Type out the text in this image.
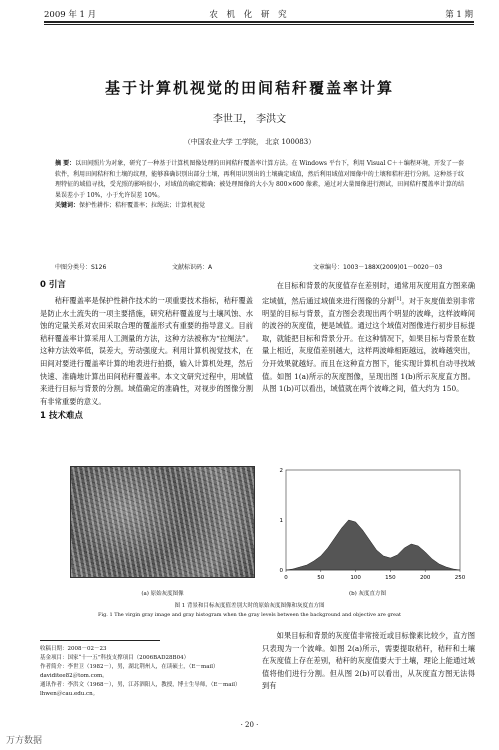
2009 年 1 月	农 机 化 研 究	第 1 期
基于计算机视觉的田间秸秆覆盖率计算
李世卫， 李洪文
（中国农业大学 工学院， 北京 100083）

摘 要：以田间照片为对象，研究了一种基于计算机图像处理的田间秸秆覆盖率计算方法。在 Windows 平台下，利用 Visual C＋＋编程环境，开发了一套软件，利用田间秸秆和土壤的纹理，能够准确识别出部分土壤，再利用识别出的土壤确定域值，然后利用域值对图像中的土壤和秸秆进行分割。这种基于纹理特征的域值寻找，受光照的影响很小，对域值的确定精确；被处理图像的大小为 800×600 像素，通过对大量图像进行测试，田间秸秆覆盖率计算的结果误差小于 10%，小于允许误差 10%。

关键词：保护性耕作；秸秆覆盖率；拉绳法；计算机视觉

中图分类号：S126	文献标识码：A	文章编号：1003－188X(2009)01－0020－03
0 引言

秸秆覆盖率是保护性耕作技术的一项重要技术指标，秸秆覆盖是防止水土流失的一项主要措施，研究秸秆覆盖度与土壤风蚀、水蚀的定量关系对农田采取合理的覆盖形式有重要的指导意义。目前秸秆覆盖率计算采用人工测量的方法，这种方法被称为“拉绳法”。这种方法效率低，误差大，劳动强度大。利用计算机视觉技术，在田间对要进行覆盖率计算的地表进行拍摄，输入计算机处理，然后快速、准确地计算出田间秸秆覆盖率。本文文研究过程中，用域值来进行目标与背景的分割。域值确定的准确性，对视步的图像分割有非常重要的意义。

1 技术难点

在目标和背景的灰度值存在差别时，通常用灰度用直方图来确定域值，然后通过域值来进行图像的分割[1]。对于灰度值差别非常明显的目标与背景，直方图会表现出两个明显的波峰，这样波峰间的波谷的灰度值，便是域值。通过这个域值对图像进行初步目标提取，就能把目标和背景分开。在这种情况下，如果目标与背景在数量上相近，灰度值差别越大，这样两波峰相距越远，波峰越突出，分开效果就越好。而且在这种直方图下，能实现计算机自动寻找域值。如图 1(a)所示的灰度图像，呈现出图 1(b)所示灰度直方图。从图 1(b)可以看出，域值就在两个波峰之间，值大约为 150。

0	50	100	150	200	250
0
1
2
(a) 原始灰度图像	(b) 灰度直方图
图 1 背景和目标灰度值差别大时的原始灰度图像和灰度直方图
Fig. 1 The virgin gray image and gray histogram when the gray levels between the background and objective are great
收稿日期：2008－02－23
基金项目：国家“十一五”科技支撑项目（2006BAD28B04）
作者简介：李世卫（1982－），男，湖北荆州人，在读硕士，（E－mail）daviditee82＠tom.com。
通讯作者：李洪文（1968－），男，江苏泗阳人，教授，博士生导师，（E－mail）lhwen＠cau.edu.cn。

如果目标和背景的灰度值非常接近或目标像素比较少，直方图只表现为一个波峰。如图 2(a)所示，需要提取秸秆，秸秆和土壤在灰度值上存在差别，秸秆的灰度值要大于土壤，理论上能通过域值将他们进行分割。但从图 2(b)可以看出，从灰度直方图无法得到有

· 20 ·
万方数据
